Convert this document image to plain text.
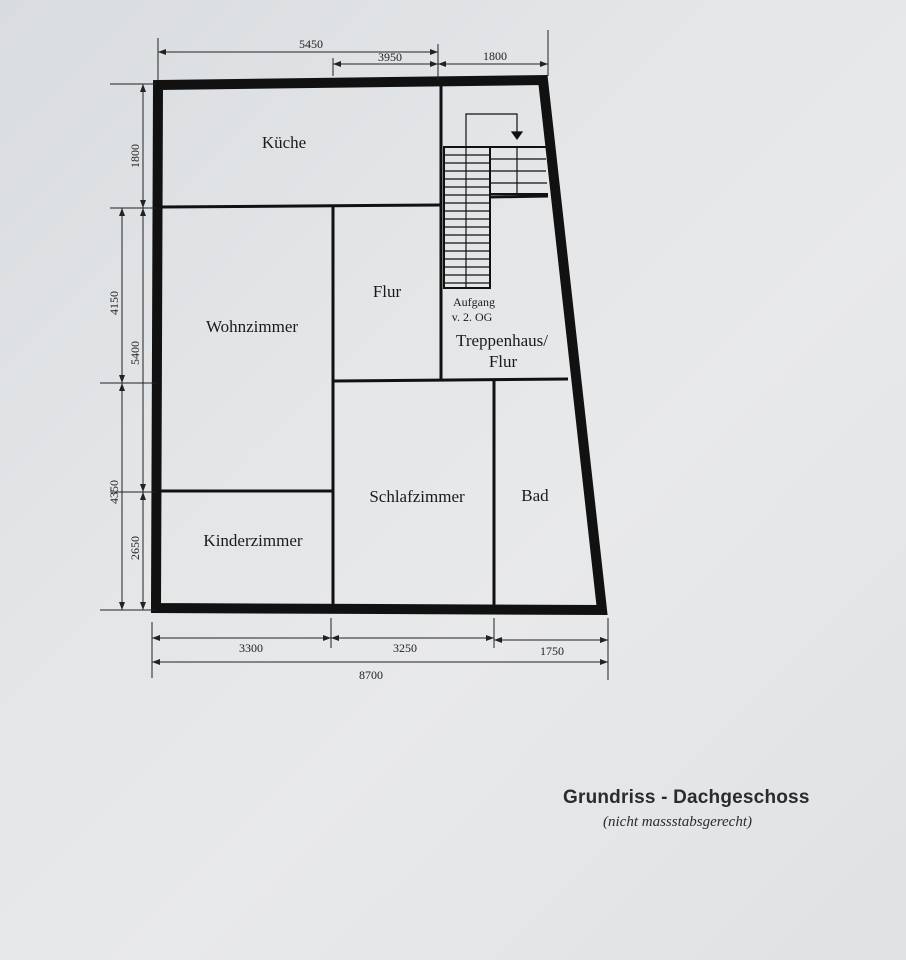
Küche
Wohnzimmer
Flur
Aufgang
v. 2. OG
Treppenhaus/
Flur
Schlafzimmer	Bad
Kinderzimmer
5450
3950	1800
1800
4150
5400
4350
2650
3300	3250	1750
8700
Grundriss - Dachgeschoss
(nicht massstabsgerecht)
